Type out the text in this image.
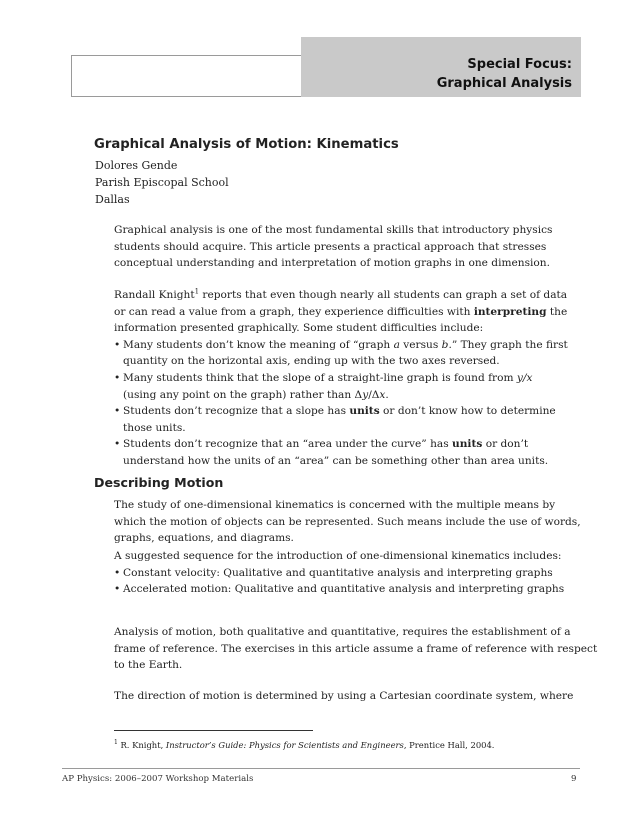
Special Focus:
Graphical Analysis
Graphical Analysis of Motion: Kinematics
Dolores Gende
Parish Episcopal School
Dallas
Graphical analysis is one of the most fundamental skills that introductory physics
students should acquire. This article presents a practical approach that stresses
conceptual understanding and interpretation of motion graphs in one dimension.
Randall Knight$^1$ reports that even though nearly all students can graph a set of data
or can read a value from a graph, they experience difficulties with interpreting the
information presented graphically. Some student difficulties include:
• Many students don’t know the meaning of “graph a versus b.” They graph the first
quantity on the horizontal axis, ending up with the two axes reversed.
• Many students think that the slope of a straight-line graph is found from y/x
(using any point on the graph) rather than Δy/Δx.
• Students don’t recognize that a slope has units or don’t know how to determine
those units.
• Students don’t recognize that an “area under the curve” has units or don’t
understand how the units of an “area” can be something other than area units.
Describing Motion
The study of one-dimensional kinematics is concerned with the multiple means by
which the motion of objects can be represented. Such means include the use of words,
graphs, equations, and diagrams.
A suggested sequence for the introduction of one-dimensional kinematics includes:
• Constant velocity: Qualitative and quantitative analysis and interpreting graphs
• Accelerated motion: Qualitative and quantitative analysis and interpreting graphs
Analysis of motion, both qualitative and quantitative, requires the establishment of a
frame of reference. The exercises in this article assume a frame of reference with respect
to the Earth.
The direction of motion is determined by using a Cartesian coordinate system, where
$^1$ R. Knight, Instructor’s Guide: Physics for Scientists and Engineers, Prentice Hall, 2004.
AP Physics: 2006–2007 Workshop Materials	9
